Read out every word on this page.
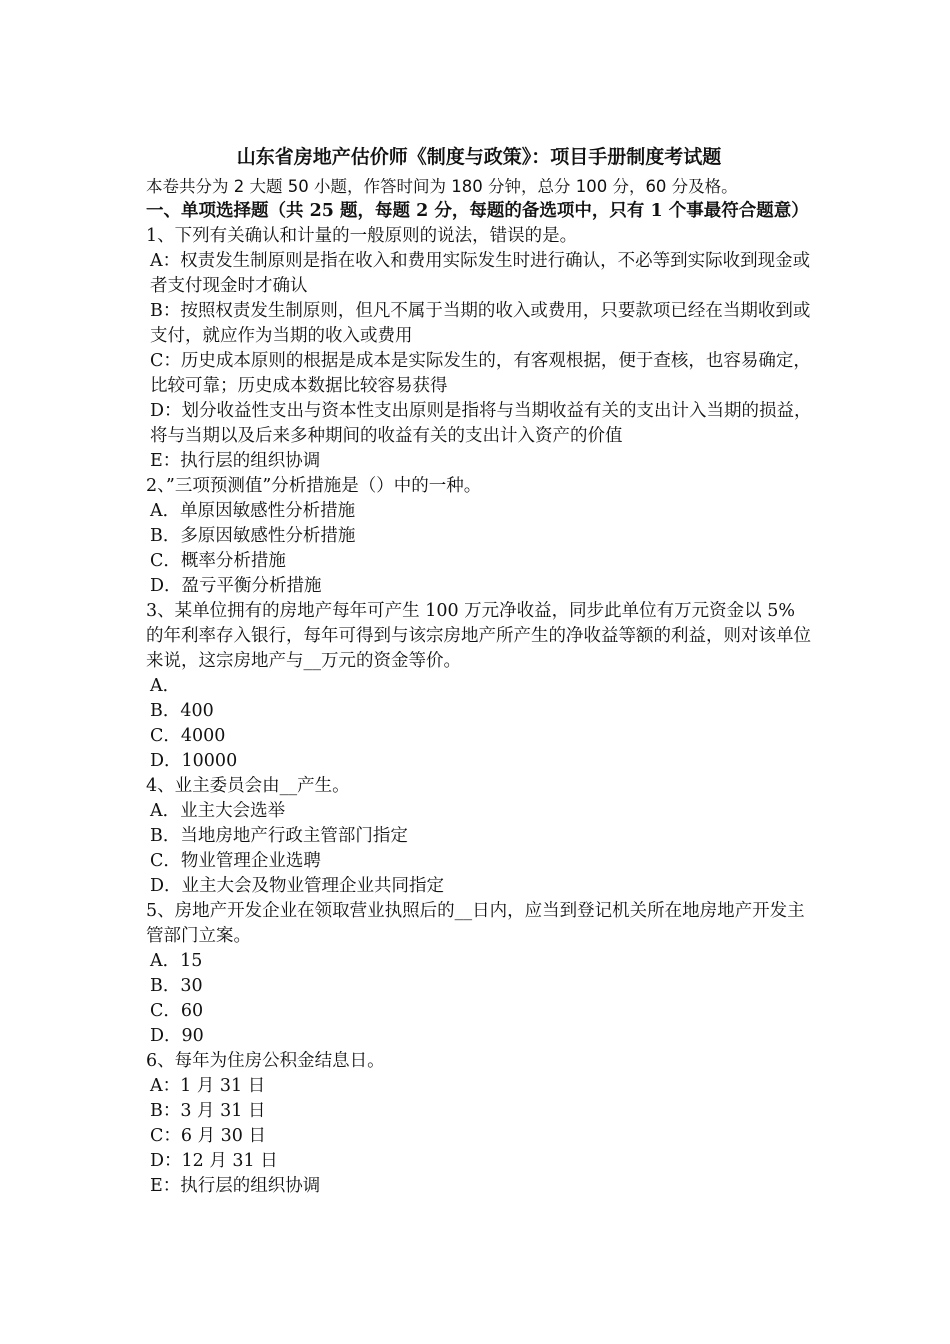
山东省房地产估价师《制度与政策》：项目手册制度考试题
本卷共分为 2 大题 50 小题，作答时间为 180 分钟，总分 100 分，60 分及格。
一、单项选择题（共 25 题，每题 2 分，每题的备选项中，只有 1 个事最符合题意）
1、下列有关确认和计量的一般原则的说法，错误的是。
A：权责发生制原则是指在收入和费用实际发生时进行确认，不必等到实际收到现金或者支付现金时才确认
B：按照权责发生制原则，但凡不属于当期的收入或费用，只要款项已经在当期收到或支付，就应作为当期的收入或费用
C：历史成本原则的根据是成本是实际发生的，有客观根据，便于查核，也容易确定，比较可靠；历史成本数据比较容易获得
D：划分收益性支出与资本性支出原则是指将与当期收益有关的支出计入当期的损益，将与当期以及后来多种期间的收益有关的支出计入资产的价值
E：执行层的组织协调
2、”三项预测值”分析措施是（）中的一种。
A．单原因敏感性分析措施
B．多原因敏感性分析措施
C．概率分析措施
D．盈亏平衡分析措施
3、某单位拥有的房地产每年可产生 100 万元净收益，同步此单位有万元资金以 5%的年利率存入银行，每年可得到与该宗房地产所产生的净收益等额的利益，则对该单位来说，这宗房地产与__万元的资金等价。
A．
B．400
C．4000
D．10000
4、业主委员会由__产生。
A．业主大会选举
B．当地房地产行政主管部门指定
C．物业管理企业选聘
D．业主大会及物业管理企业共同指定
5、房地产开发企业在领取营业执照后的__日内，应当到登记机关所在地房地产开发主管部门立案。
A．15
B．30
C．60
D．90
6、每年为住房公积金结息日。
A：1 月 31 日
B：3 月 31 日
C：6 月 30 日
D：12 月 31 日
E：执行层的组织协调
